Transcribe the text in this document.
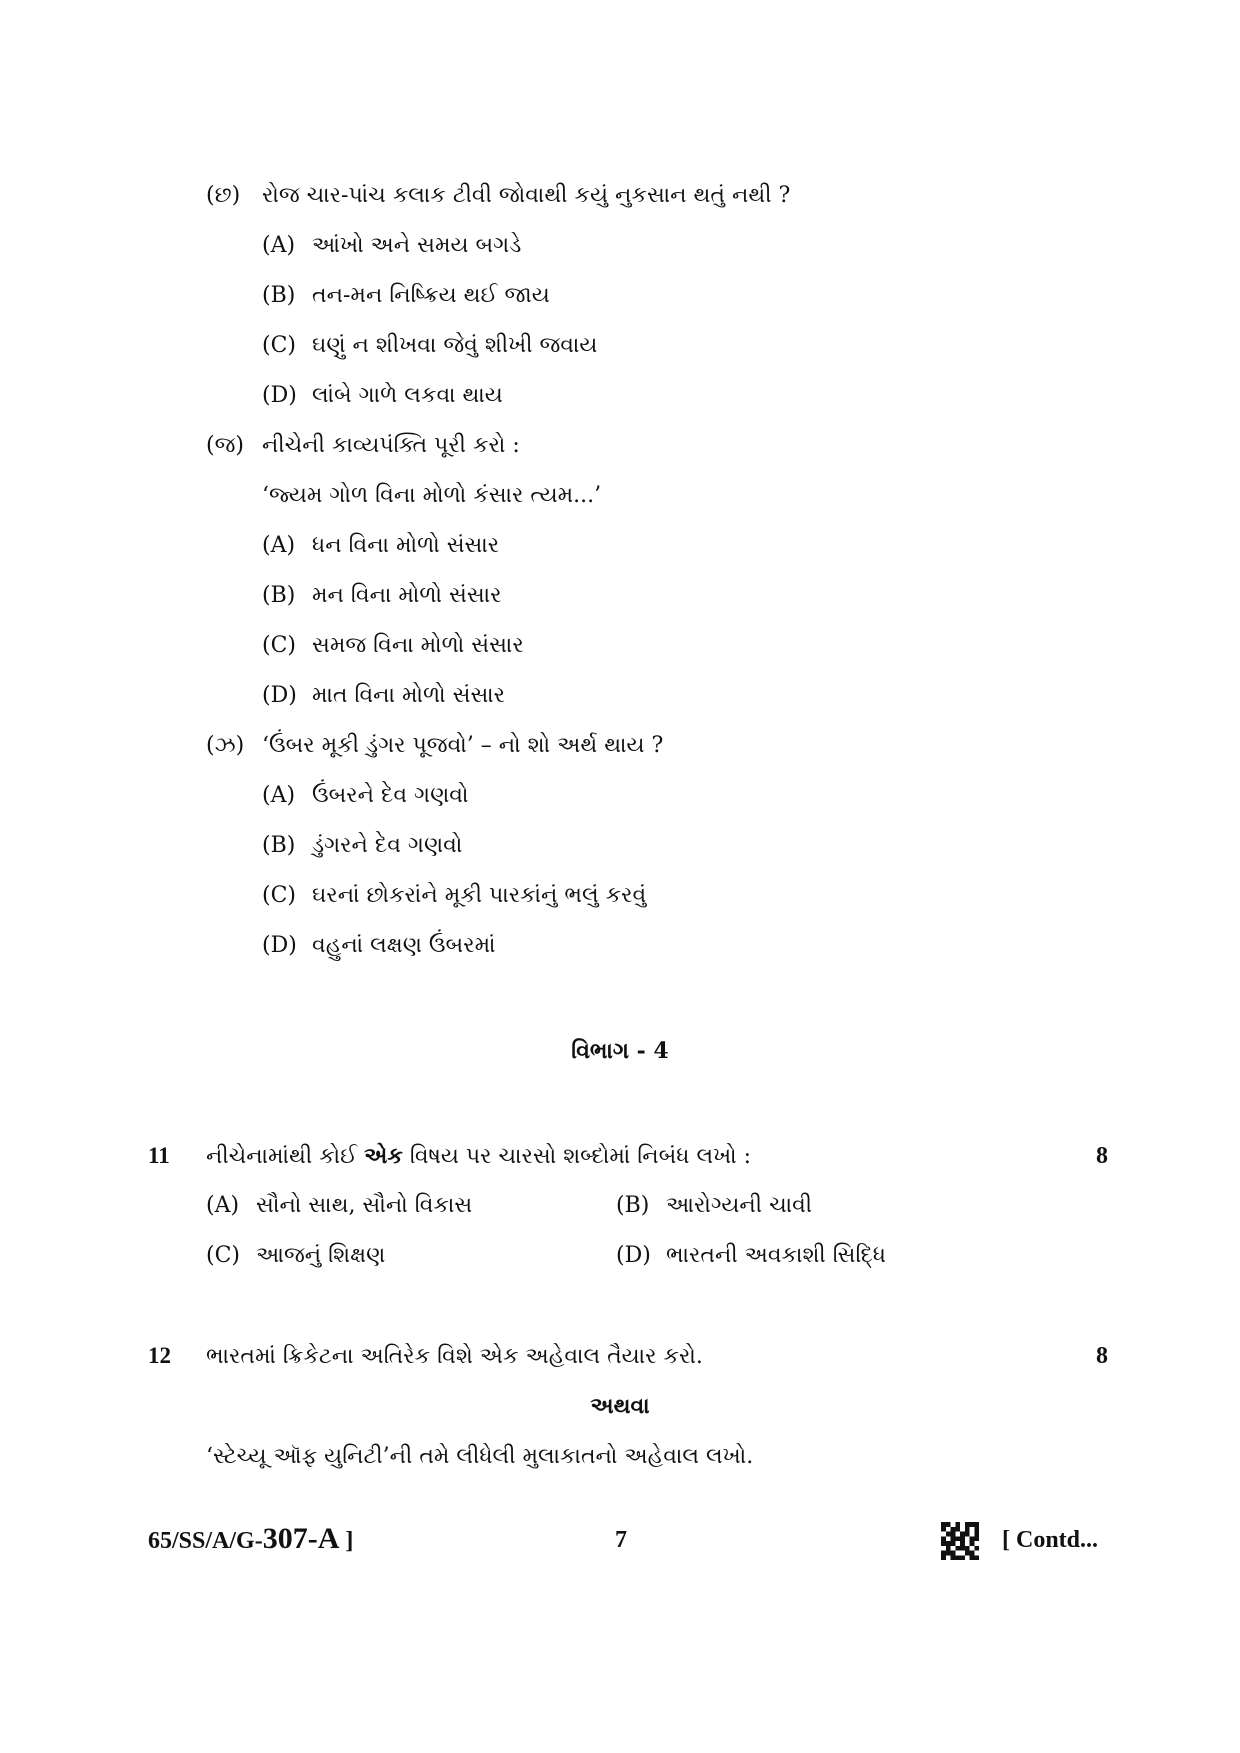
(છ) રોજ ચાર-પાંચ કલાક ટીવી જોવાથી કયું નુકસાન થતું નથી ?
(A) આંખો અને સમય બગડે
(B) તન-મન નિષ્ક્રિય થઈ જાય
(C) ઘણું ન શીખવા જેવું શીખી જવાય
(D) લાંબે ગાળે લકવા થાય
(જ) નીચેની કાવ્યપંક્તિ પૂરી કરો :
‘જ્યમ ગોળ વિના મોળો કંસાર ત્યમ...’
(A) ધન વિના મોળો સંસાર
(B) મન વિના મોળો સંસાર
(C) સમજ વિના મોળો સંસાર
(D) માત વિના મોળો સંસાર
(ઝ) ‘ઉંબર મૂકી ડુંગર પૂજવો’ – નો શો અર્થ થાય ?
(A) ઉંબરને દેવ ગણવો
(B) ડુંગરને દેવ ગણવો
(C) ઘરનાં છોકરાંને મૂકી પારકાંનું ભલું કરવું
(D) વહુનાં લક્ષણ ઉંબરમાં
વિભાગ - 4
11 નીચેનામાંથી કોઈ એક વિષય પર ચારસો શબ્દોમાં નિબંધ લખો :	8
(A) સૌનો સાથ, સૌનો વિકાસ	(B) આરોગ્યની ચાવી
(C) આજનું શિક્ષણ	(D) ભારતની અવકાશી સિદ્ધિ
12 ભારતમાં ક્રિકેટના અતિરેક વિશે એક અહેવાલ તૈયાર કરો.	8
અથવા
‘સ્ટેચ્યૂ ઑફ યુનિટી’ની તમે લીધેલી મુલાકાતનો અહેવાલ લખો.
65/SS/A/G-307-A ]	7	[ Contd...
